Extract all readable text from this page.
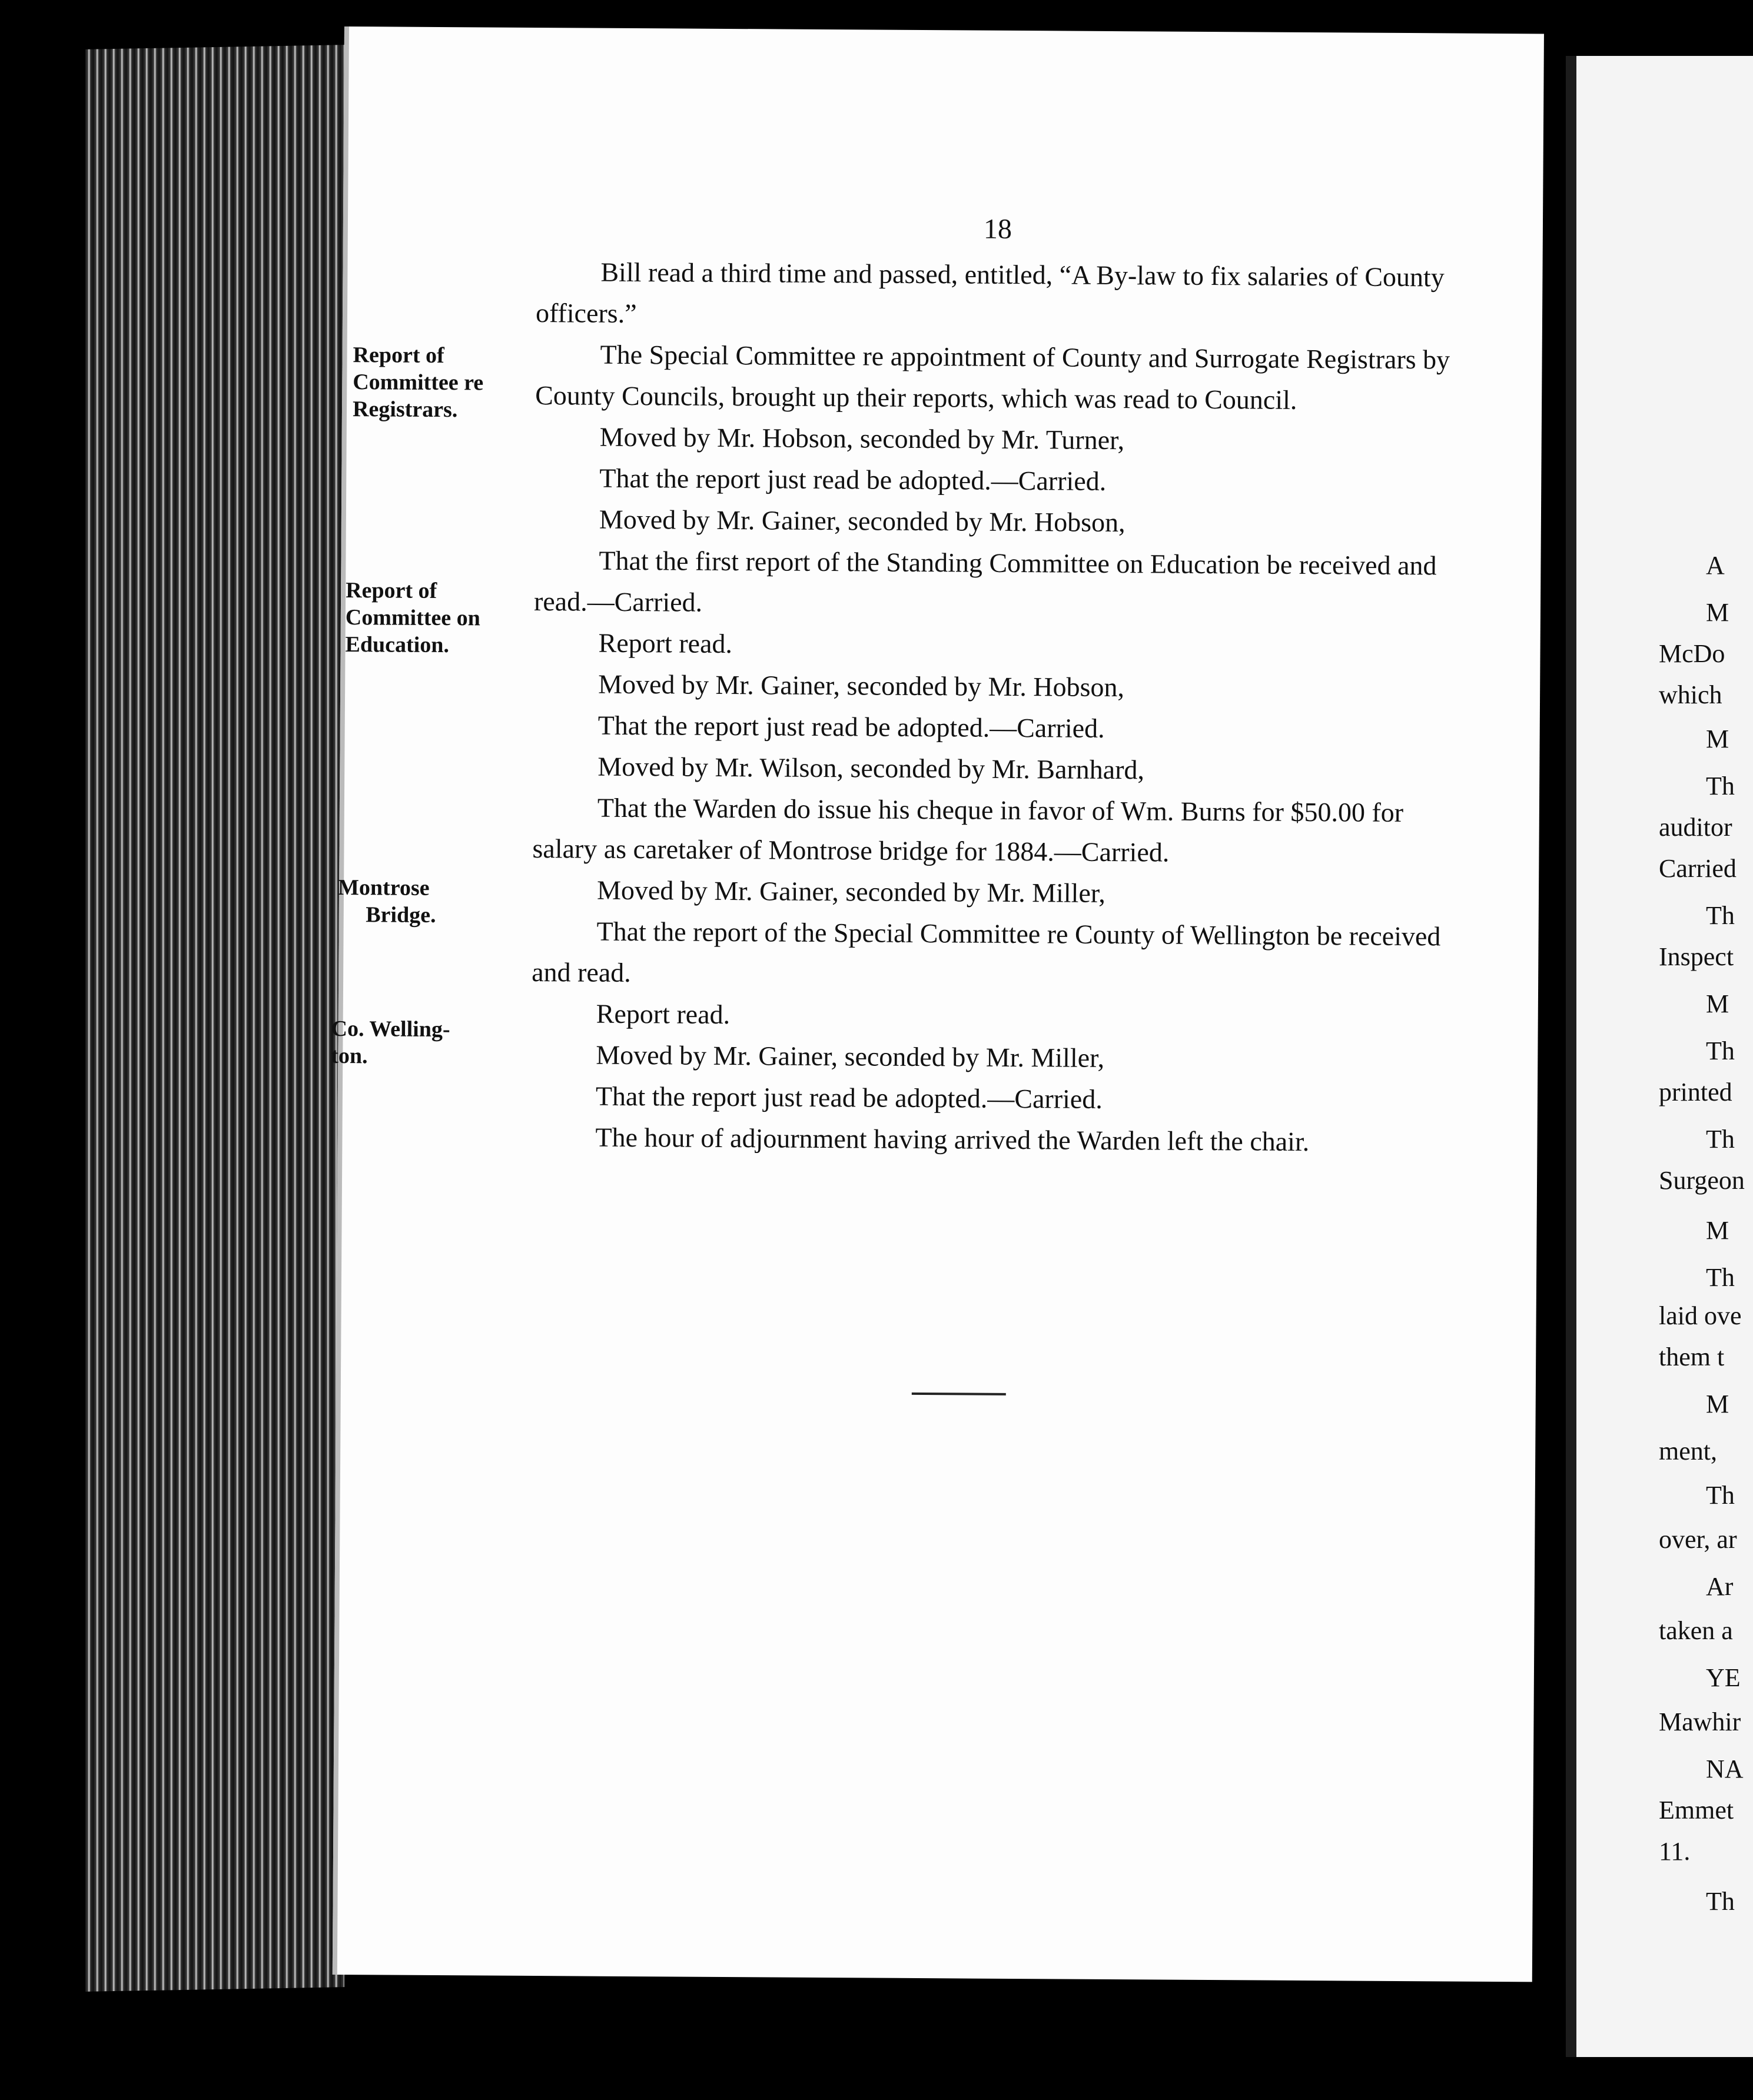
18
Report of
Committee re
Registrars.
Report of
Committee on
Education.
Montrose
Bridge.
Co. Welling-
ton.

Bill read a third time and passed, entitled, “A By-law to fix salaries of County officers.”

The Special Committee re appointment of County and Surrogate Registrars by County Councils, brought up their reports, which was read to Council.

Moved by Mr. Hobson, seconded by Mr. Turner,

That the report just read be adopted.—Carried.

Moved by Mr. Gainer, seconded by Mr. Hobson,

That the first report of the Standing Committee on Education be received and read.—Carried.

Report read.

Moved by Mr. Gainer, seconded by Mr. Hobson,

That the report just read be adopted.—Carried.

Moved by Mr. Wilson, seconded by Mr. Barnhard,

That the Warden do issue his cheque in favor of Wm. Burns for $50.00 for salary as caretaker of Montrose bridge for 1884.—Carried.

Moved by Mr. Gainer, seconded by Mr. Miller,

That the report of the Special Committee re County of Wellington be received and read.

Report read.

Moved by Mr. Gainer, seconded by Mr. Miller,

That the report just read be adopted.—Carried.

The hour of adjournment having arrived the Warden left the chair.

A
M
McDo
which
M
Th
auditor
Carried
Th
Inspect
M
Th
printed
Th
Surgeon
M
Th
laid ove
them t
M
ment,
Th
over, ar
Ar
taken a
YE
Mawhir
NA
Emmet
11.
Th
